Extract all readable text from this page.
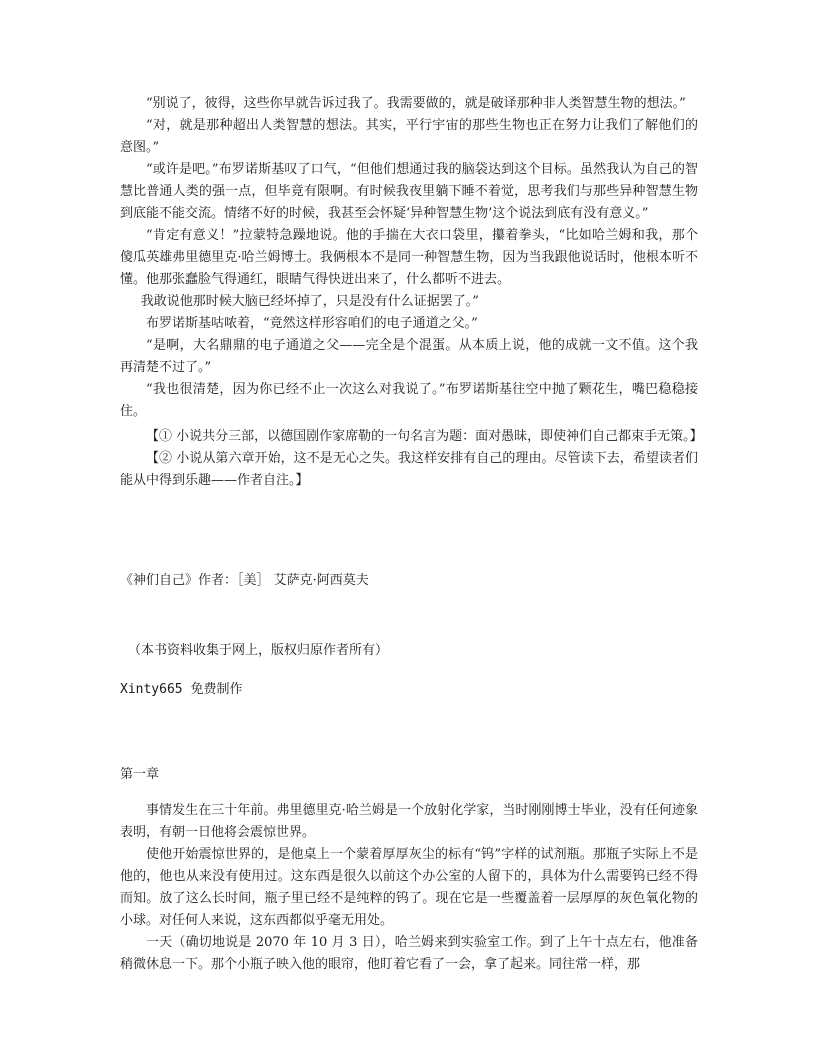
“别说了，彼得，这些你早就告诉过我了。我需要做的，就是破译那种非人类智慧生物的想法。”

“对，就是那种超出人类智慧的想法。其实，平行宇宙的那些生物也正在努力让我们了解他们的意图。”

“或许是吧。”布罗诺斯基叹了口气，“但他们想通过我的脑袋达到这个目标。虽然我认为自己的智慧比普通人类的强一点，但毕竟有限啊。有时候我夜里躺下睡不着觉，思考我们与那些异种智慧生物到底能不能交流。情绪不好的时候，我甚至会怀疑‘异种智慧生物’这个说法到底有没有意义。”

“肯定有意义！”拉蒙特急躁地说。他的手揣在大衣口袋里，攥着拳头，“比如哈兰姆和我，那个傻瓜英雄弗里德里克·哈兰姆博士。我俩根本不是同一种智慧生物，因为当我跟他说话时，他根本听不懂。他那张蠢脸气得通红，眼睛气得快迸出来了，什么都听不进去。

我敢说他那时候大脑已经坏掉了，只是没有什么证据罢了。”

布罗诺斯基咕哝着，“竟然这样形容咱们的电子通道之父。”

“是啊，大名鼎鼎的电子通道之父——完全是个混蛋。从本质上说，他的成就一文不值。这个我再清楚不过了。”

“我也很清楚，因为你已经不止一次这么对我说了。”布罗诺斯基往空中抛了颗花生，嘴巴稳稳接住。

【① 小说共分三部，以德国剧作家席勒的一句名言为题：面对愚昧，即使神们自己都束手无策。】

【② 小说从第六章开始，这不是无心之失。我这样安排有自己的理由。尽管读下去，希望读者们能从中得到乐趣——作者自注。】

《神们自己》作者：［美］ 艾萨克·阿西莫夫

（本书资料收集于网上，版权归原作者所有）

Xinty665 免费制作

第一章

事情发生在三十年前。弗里德里克·哈兰姆是一个放射化学家，当时刚刚博士毕业，没有任何迹象表明，有朝一日他将会震惊世界。

使他开始震惊世界的，是他桌上一个蒙着厚厚灰尘的标有“钨”字样的试剂瓶。那瓶子实际上不是他的，他也从来没有使用过。这东西是很久以前这个办公室的人留下的，具体为什么需要钨已经不得而知。放了这么长时间，瓶子里已经不是纯粹的钨了。现在它是一些覆盖着一层厚厚的灰色氧化物的小球。对任何人来说，这东西都似乎毫无用处。

一天（确切地说是 2070 年 10 月 3 日），哈兰姆来到实验室工作。到了上午十点左右，他准备稍微休息一下。那个小瓶子映入他的眼帘，他盯着它看了一会，拿了起来。同往常一样，那
